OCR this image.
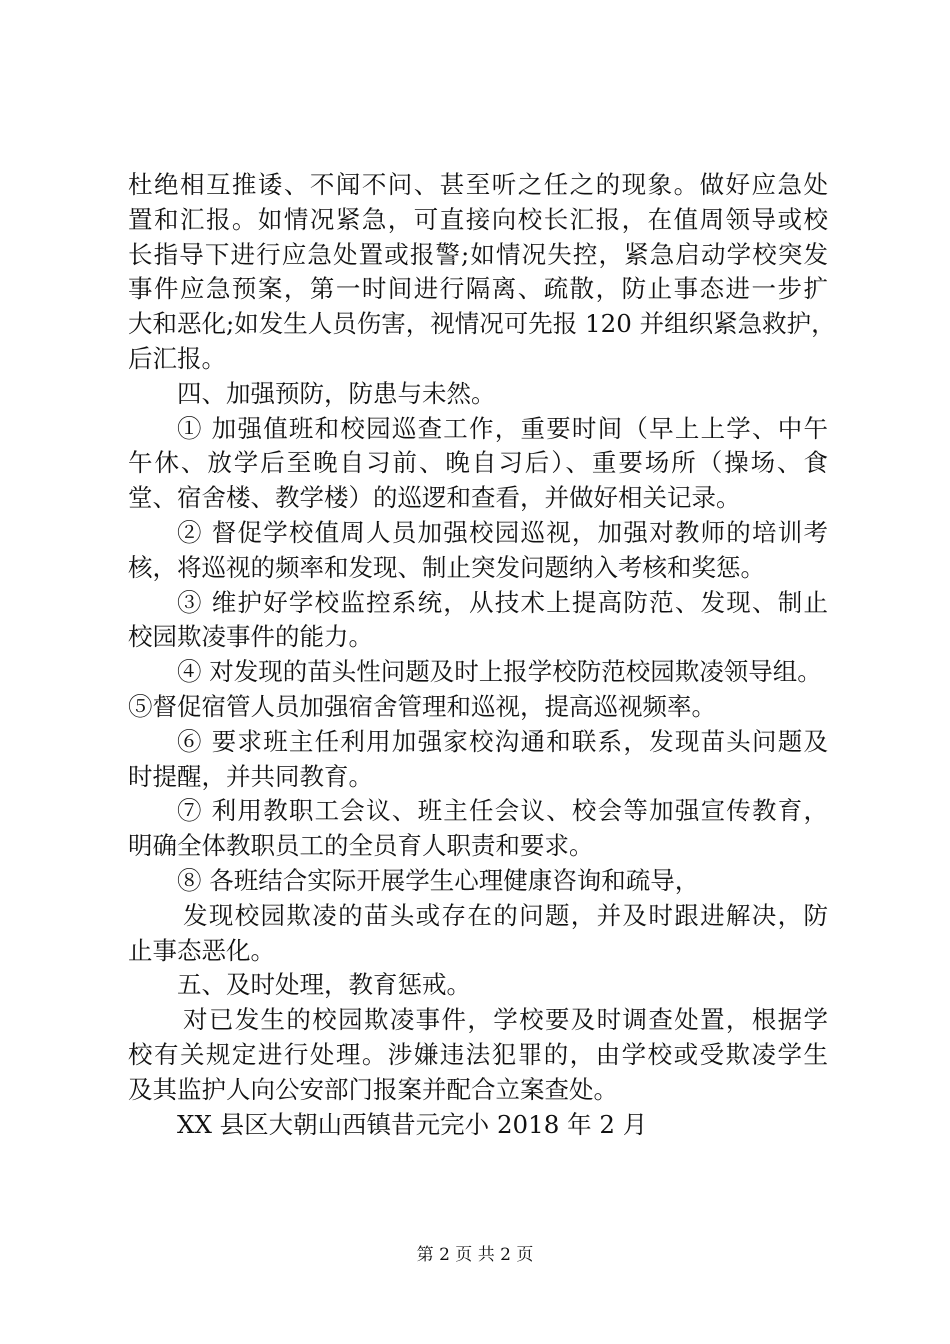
杜绝相互推诿、不闻不问、甚至听之任之的现象。做好应急处
置和汇报。如情况紧急，可直接向校长汇报，在值周领导或校
长指导下进行应急处置或报警;如情况失控，紧急启动学校突发
事件应急预案，第一时间进行隔离、疏散，防止事态进一步扩
大和恶化;如发生人员伤害，视情况可先报 120 并组织紧急救护，
后汇报。
四、加强预防，防患与未然。
① 加强值班和校园巡查工作，重要时间（早上上学、中午
午休、放学后至晚自习前、晚自习后）、重要场所（操场、食
堂、宿舍楼、教学楼）的巡逻和查看，并做好相关记录。
② 督促学校值周人员加强校园巡视，加强对教师的培训考
核，将巡视的频率和发现、制止突发问题纳入考核和奖惩。
③ 维护好学校监控系统，从技术上提高防范、发现、制止
校园欺凌事件的能力。
④ 对发现的苗头性问题及时上报学校防范校园欺凌领导组。
⑤督促宿管人员加强宿舍管理和巡视，提高巡视频率。
⑥ 要求班主任利用加强家校沟通和联系，发现苗头问题及
时提醒，并共同教育。
⑦ 利用教职工会议、班主任会议、校会等加强宣传教育，
明确全体教职员工的全员育人职责和要求。
⑧ 各班结合实际开展学生心理健康咨询和疏导，
发现校园欺凌的苗头或存在的问题，并及时跟进解决，防
止事态恶化。
五、及时处理，教育惩戒。
对已发生的校园欺凌事件，学校要及时调查处置，根据学
校有关规定进行处理。涉嫌违法犯罪的，由学校或受欺凌学生
及其监护人向公安部门报案并配合立案查处。
XX 县区大朝山西镇昔元完小 2018 年 2 月
第 2 页 共 2 页
